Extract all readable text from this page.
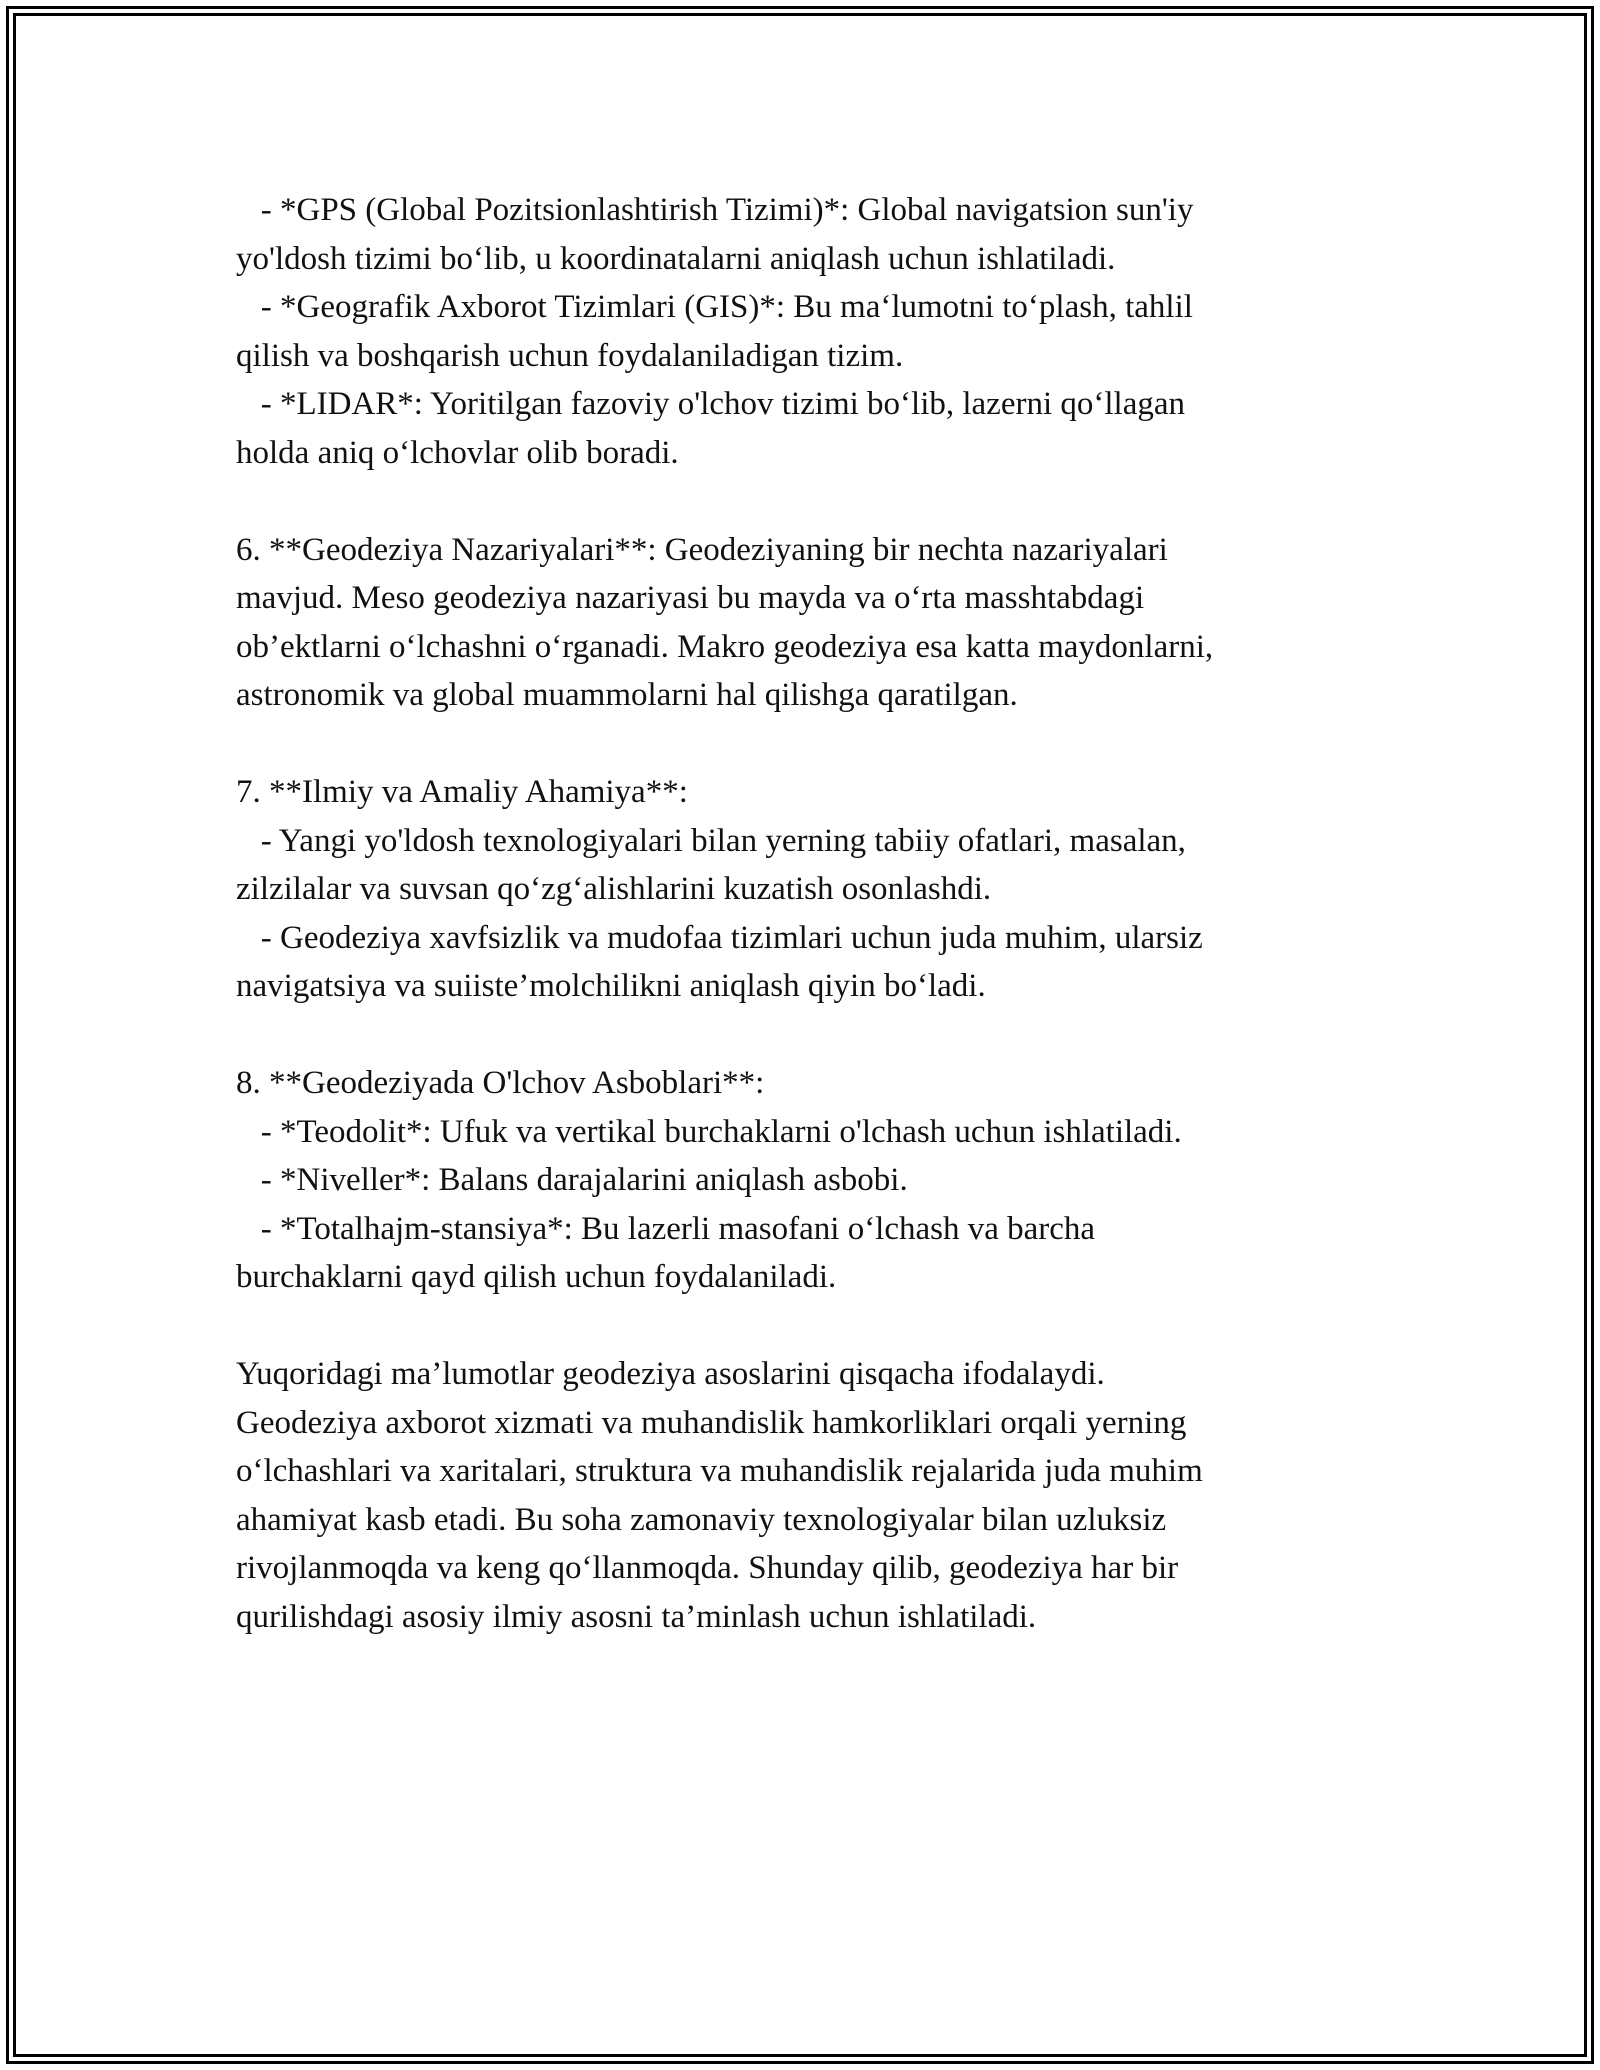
- *GPS (Global Pozitsionlashtirish Tizimi)*: Global navigatsion sun'iy
yo'ldosh tizimi bo‘lib, u koordinatalarni aniqlash uchun ishlatiladi.
- *Geografik Axborot Tizimlari (GIS)*: Bu ma‘lumotni to‘plash, tahlil
qilish va boshqarish uchun foydalaniladigan tizim.
- *LIDAR*: Yoritilgan fazoviy o'lchov tizimi bo‘lib, lazerni qo‘llagan
holda aniq o‘lchovlar olib boradi.
6. **Geodeziya Nazariyalari**: Geodeziyaning bir nechta nazariyalari
mavjud. Meso geodeziya nazariyasi bu mayda va o‘rta masshtabdagi
ob’ektlarni o‘lchashni o‘rganadi. Makro geodeziya esa katta maydonlarni,
astronomik va global muammolarni hal qilishga qaratilgan.
7. **Ilmiy va Amaliy Ahamiya**:
- Yangi yo'ldosh texnologiyalari bilan yerning tabiiy ofatlari, masalan,
zilzilalar va suvsan qo‘zg‘alishlarini kuzatish osonlashdi.
- Geodeziya xavfsizlik va mudofaa tizimlari uchun juda muhim, ularsiz
navigatsiya va suiiste’molchilikni aniqlash qiyin bo‘ladi.
8. **Geodeziyada O'lchov Asboblari**:
- *Teodolit*: Ufuk va vertikal burchaklarni o'lchash uchun ishlatiladi.
- *Niveller*: Balans darajalarini aniqlash asbobi.
- *Totalhajm-stansiya*: Bu lazerli masofani o‘lchash va barcha
burchaklarni qayd qilish uchun foydalaniladi.
Yuqoridagi ma’lumotlar geodeziya asoslarini qisqacha ifodalaydi.
Geodeziya axborot xizmati va muhandislik hamkorliklari orqali yerning
o‘lchashlari va xaritalari, struktura va muhandislik rejalarida juda muhim
ahamiyat kasb etadi. Bu soha zamonaviy texnologiyalar bilan uzluksiz
rivojlanmoqda va keng qo‘llanmoqda. Shunday qilib, geodeziya har bir
qurilishdagi asosiy ilmiy asosni ta’minlash uchun ishlatiladi.
